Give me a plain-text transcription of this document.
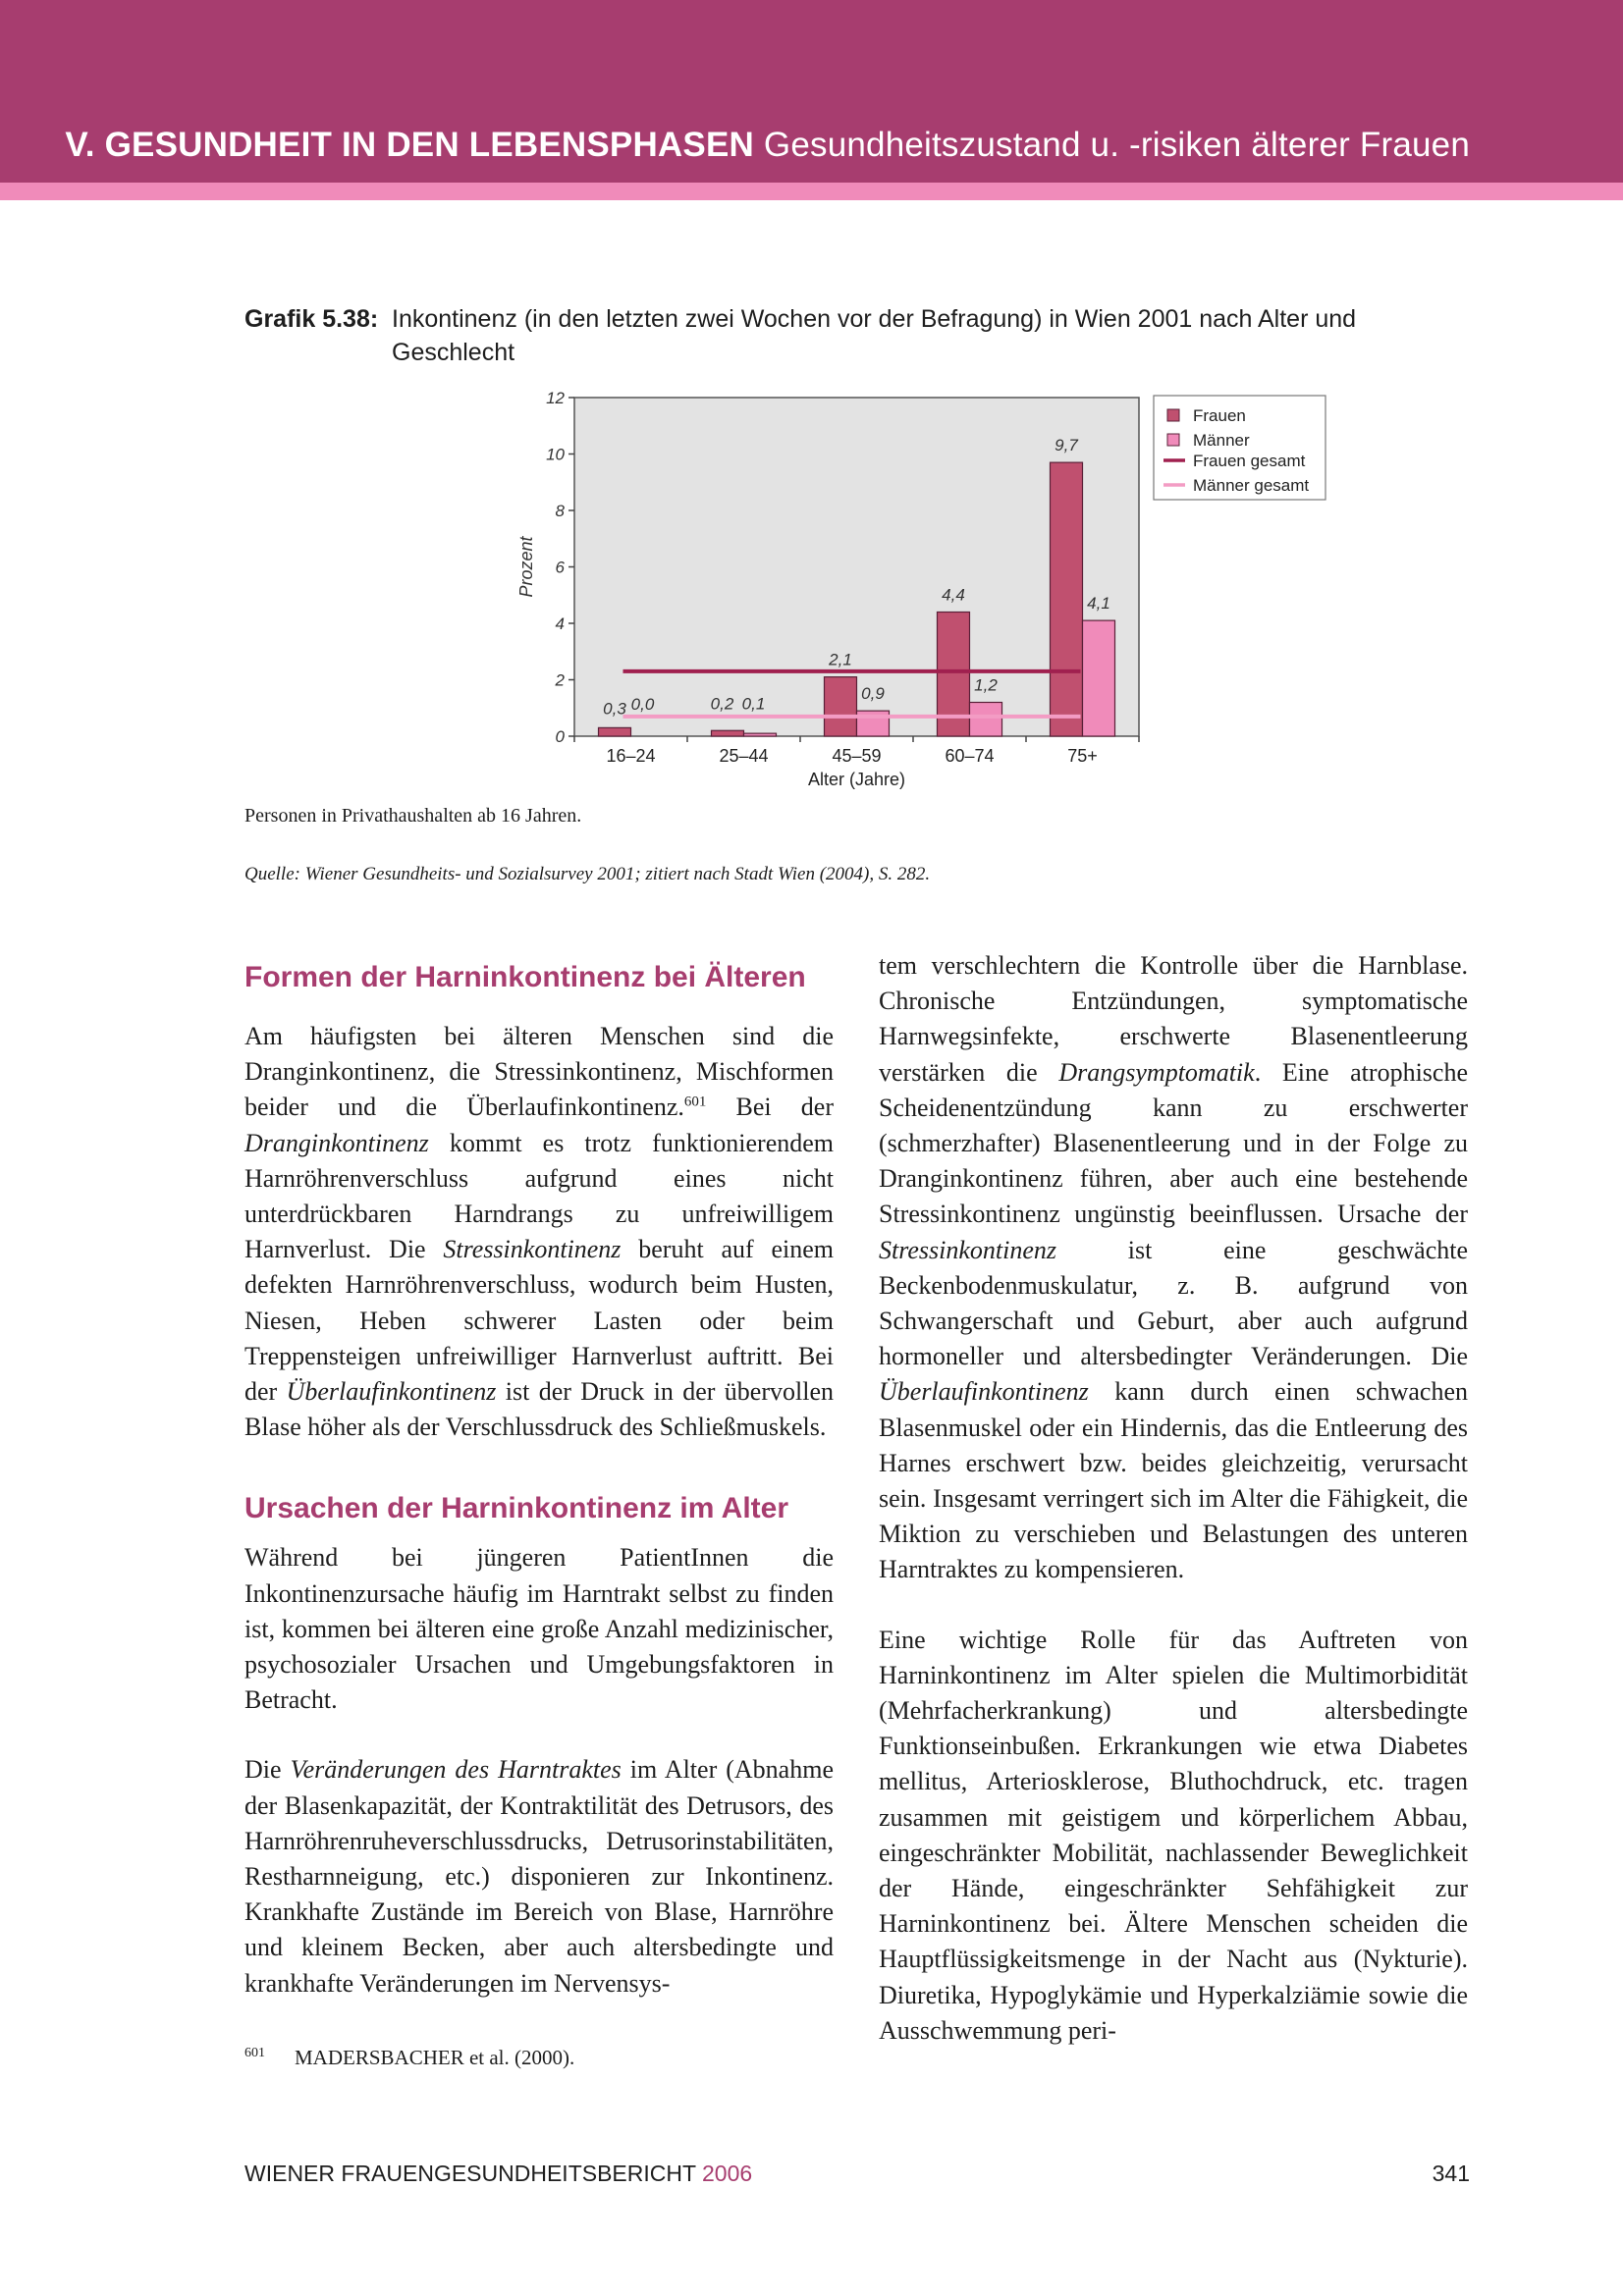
V. GESUNDHEIT IN DEN LEBENSPHASEN Gesundheitszustand u. -risiken älterer Frauen
Grafik 5.38: Inkontinenz (in den letzten zwei Wochen vor der Befragung) in Wien 2001 nach Alter und Geschlecht
0
2
4
6
8
10
12
Prozent
16–24	25–44	45–59	60–74	75+
Alter (Jahre)
0,3 0,0	0,2 0,1
2,1
0,9
4,4
1,2
9,7
4,1
Frauen
Männer
Frauen gesamt
Männer gesamt
Personen in Privathaushalten ab 16 Jahren.
Quelle: Wiener Gesundheits- und Sozialsurvey 2001; zitiert nach Stadt Wien (2004), S. 282.
Formen der Harninkontinenz bei Älteren

Am häufigsten bei älteren Menschen sind die Dranginkontinenz, die Stressinkontinenz, Mischformen beider und die Überlaufinkontinenz.$^{601}$ Bei der Dranginkontinenz kommt es trotz funktionierendem Harnröhrenverschluss aufgrund eines nicht unterdrückbaren Harndrangs zu unfreiwilligem Harnverlust. Die Stressinkontinenz beruht auf einem defekten Harnröhrenverschluss, wodurch beim Husten, Niesen, Heben schwerer Lasten oder beim Treppensteigen unfreiwilliger Harnverlust auftritt. Bei der Überlaufinkontinenz ist der Druck in der übervollen Blase höher als der Verschlussdruck des Schließmuskels.

Ursachen der Harninkontinenz im Alter

Während bei jüngeren PatientInnen die Inkontinenzursache häufig im Harntrakt selbst zu finden ist, kommen bei älteren eine große Anzahl medizinischer, psychosozialer Ursachen und Umgebungsfaktoren in Betracht.

Die Veränderungen des Harntraktes im Alter (Abnahme der Blasenkapazität, der Kontraktilität des Detrusors, des Harnröhrenruheverschlussdrucks, Detrusorinstabilitäten, Restharnneigung, etc.) disponieren zur Inkontinenz. Krankhafte Zustände im Bereich von Blase, Harnröhre und kleinem Becken, aber auch altersbedingte und krankhafte Veränderungen im Nervensys-

tem verschlechtern die Kontrolle über die Harnblase. Chronische Entzündungen, symptomatische Harnwegsinfekte, erschwerte Blasenentleerung verstärken die Drangsymptomatik. Eine atrophische Scheidenentzündung kann zu erschwerter (schmerzhafter) Blasenentleerung und in der Folge zu Dranginkontinenz führen, aber auch eine bestehende Stressinkontinenz ungünstig beeinflussen. Ursache der Stressinkontinenz ist eine geschwächte Beckenbodenmuskulatur, z. B. aufgrund von Schwangerschaft und Geburt, aber auch aufgrund hormoneller und altersbedingter Veränderungen. Die Überlaufinkontinenz kann durch einen schwachen Blasenmuskel oder ein Hindernis, das die Entleerung des Harnes erschwert bzw. beides gleichzeitig, verursacht sein. Insgesamt verringert sich im Alter die Fähigkeit, die Miktion zu verschieben und Belastungen des unteren Harntraktes zu kompensieren.

Eine wichtige Rolle für das Auftreten von Harninkontinenz im Alter spielen die Multimorbidität (Mehrfacherkrankung) und altersbedingte Funktionseinbußen. Erkrankungen wie etwa Diabetes mellitus, Arteriosklerose, Bluthochdruck, etc. tragen zusammen mit geistigem und körperlichem Abbau, eingeschränkter Mobilität, nachlassender Beweglichkeit der Hände, eingeschränkter Sehfähigkeit zur Harninkontinenz bei. Ältere Menschen scheiden die Hauptflüssigkeitsmenge in der Nacht aus (Nykturie). Diuretika, Hypoglykämie und Hyperkalziämie sowie die Ausschwemmung peri-

$^{601}$ MADERSBACHER et al. (2000).
WIENER FRAUENGESUNDHEITSBERICHT 2006	341
